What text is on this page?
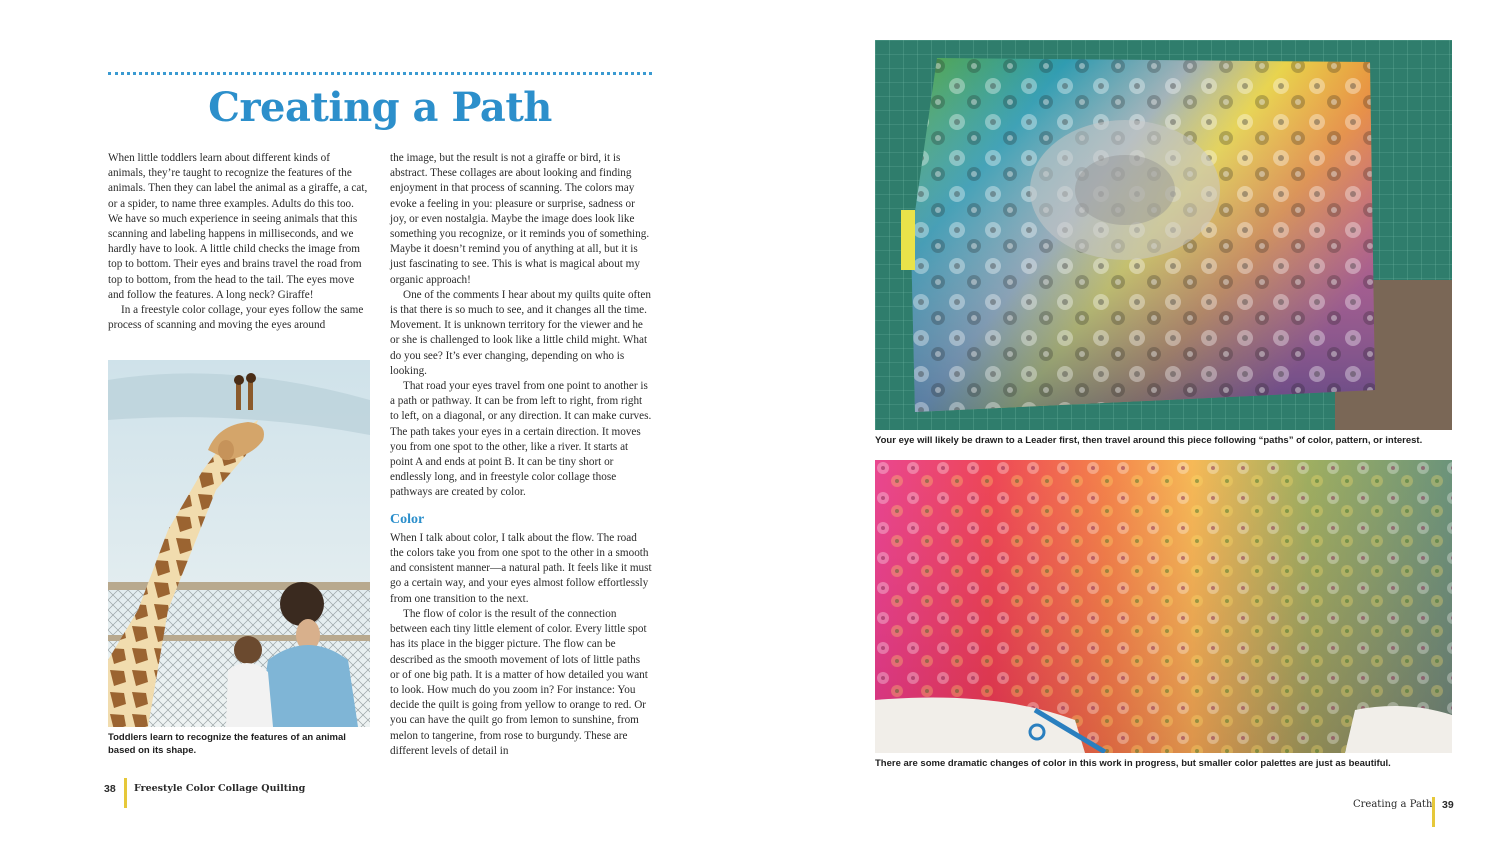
Creating a Path

When little toddlers learn about different kinds of animals, they’re taught to recognize the features of the animals. Then they can label the animal as a giraffe, a cat, or a spider, to name three examples. Adults do this too. We have so much experience in seeing animals that this scanning and labeling happens in milliseconds, and we hardly have to look. A little child checks the image from top to bottom. Their eyes and brains travel the road from top to bottom, from the head to the tail. The eyes move and follow the features. A long neck? Giraffe!

In a freestyle color collage, your eyes follow the same process of scanning and moving the eyes around

the image, but the result is not a giraffe or bird, it is abstract. These collages are about looking and finding enjoyment in that process of scanning. The colors may evoke a feeling in you: pleasure or surprise, sadness or joy, or even nostalgia. Maybe the image does look like something you recognize, or it reminds you of something. Maybe it doesn’t remind you of anything at all, but it is just fascinating to see. This is what is magical about my organic approach!

One of the comments I hear about my quilts quite often is that there is so much to see, and it changes all the time. Movement. It is unknown territory for the viewer and he or she is challenged to look like a little child might. What do you see? It’s ever changing, depending on who is looking.

That road your eyes travel from one point to another is a path or pathway. It can be from left to right, from right to left, on a diagonal, or any direction. It can make curves. The path takes your eyes in a certain direction. It moves you from one spot to the other, like a river. It starts at point A and ends at point B. It can be tiny short or endlessly long, and in freestyle color collage those pathways are created by color.

Color

When I talk about color, I talk about the flow. The road the colors take you from one spot to the other in a smooth and consistent manner—a natural path. It feels like it must go a certain way, and your eyes almost follow effortlessly from one transition to the next.

The flow of color is the result of the connection between each tiny little element of color. Every little spot has its place in the bigger picture. The flow can be described as the smooth movement of lots of little paths or of one big path. It is a matter of how detailed you want to look. How much do you zoom in? For instance: You decide the quilt is going from yellow to orange to red. Or you can have the quilt go from lemon to sunshine, from melon to tangerine, from rose to burgundy. These are different levels of detail in

Toddlers learn to recognize the features of an animal based on its shape.
38 Freestyle Color Collage Quilting
Your eye will likely be drawn to a Leader first, then travel around this piece following “paths” of color, pattern, or interest.
There are some dramatic changes of color in this work in progress, but smaller color palettes are just as beautiful.
Creating a Path 39
